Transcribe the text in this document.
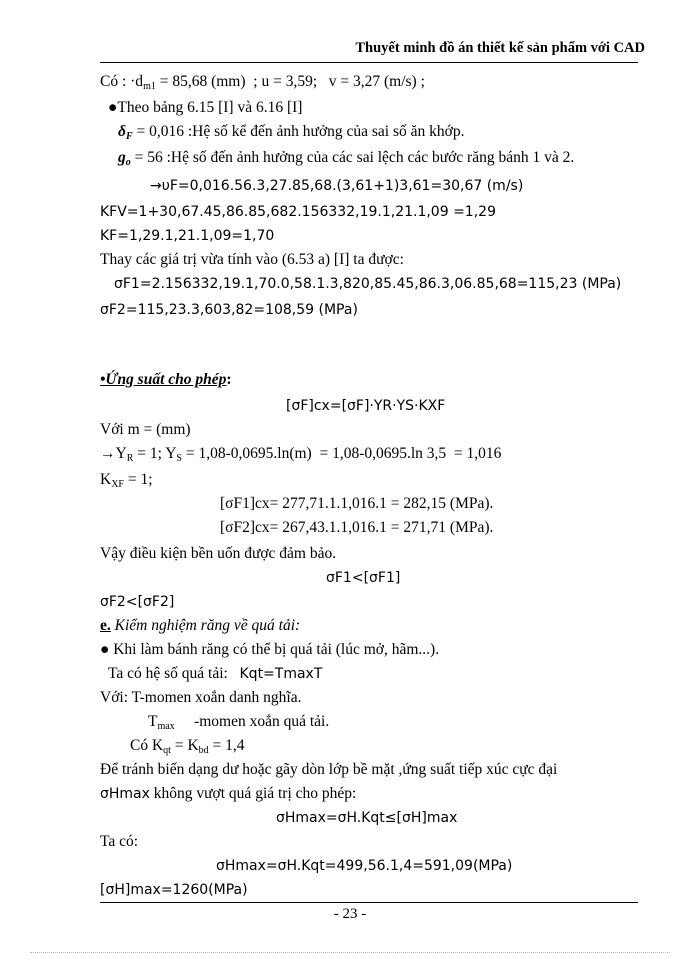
Thuyết minh đồ án thiết kế sản phẩm với CAD
Có : $\cdot d_{m1} = 85,68$ (mm)  ; u = 3,59;   v = 3,27 (m/s) ;
●Theo bảng 6.15 [I] và 6.16 [I]
$\delta_F = 0,016$ :Hệ số kể đến ảnh hưởng của sai số ăn khớp.
$g_o = 56$ :Hệ số đến ảnh hưởng của các sai lệch các bước răng bánh 1 và 2.
→υF=0,016.56.3,27.85,68.(3,61+1)3,61=30,67 (m/s)
KFV=1+30,67.45,86.85,682.156332,19.1,21.1,09 =1,29
KF=1,29.1,21.1,09=1,70
Thay các giá trị vừa tính vào (6.53 a) [I] ta được:
σF1=2.156332,19.1,70.0,58.1.3,820,85.45,86.3,06.85,68=115,23 (MPa)
σF2=115,23.3,603,82=108,59 (MPa)
•Ứng suất cho phép:
[σF]cx=[σF]·YR·YS·KXF
Với m = (mm)
$\to Y_R = 1$; $Y_S = 1,08-0,0695.\ln(m) = 1,08-0,0695.\ln$ 3,5  = 1,016
$K_{XF} = 1$;
[σF1]cx= 277,71.1.1,016.1 = 282,15 (MPa).
[σF2]cx= 267,43.1.1,016.1 = 271,71 (MPa).
Vậy điều kiện bền uốn được đảm bảo.
σF1<[σF1]
σF2<[σF2]
e. Kiểm nghiệm răng về quá tải:
● Khi làm bánh răng có thể bị quá tải (lúc mở, hãm...).
Ta có hệ số quá tải: Kqt=TmaxT
Với: T-momen xoắn danh nghĩa.
$T_{max}$ -momen xoắn quá tải.
Có $K_{qt} = K_{bd} = 1,4$
Để tránh biến dạng dư hoặc gãy dòn lớp bề mặt ,ứng suất tiếp xúc cực đại
σHmax không vượt quá giá trị cho phép:
σHmax=σH.Kqt≤[σH]max
Ta có:
σHmax=σH.Kqt=499,56.1,4=591,09(MPa)
[σH]max=1260(MPa)
- 23 -
